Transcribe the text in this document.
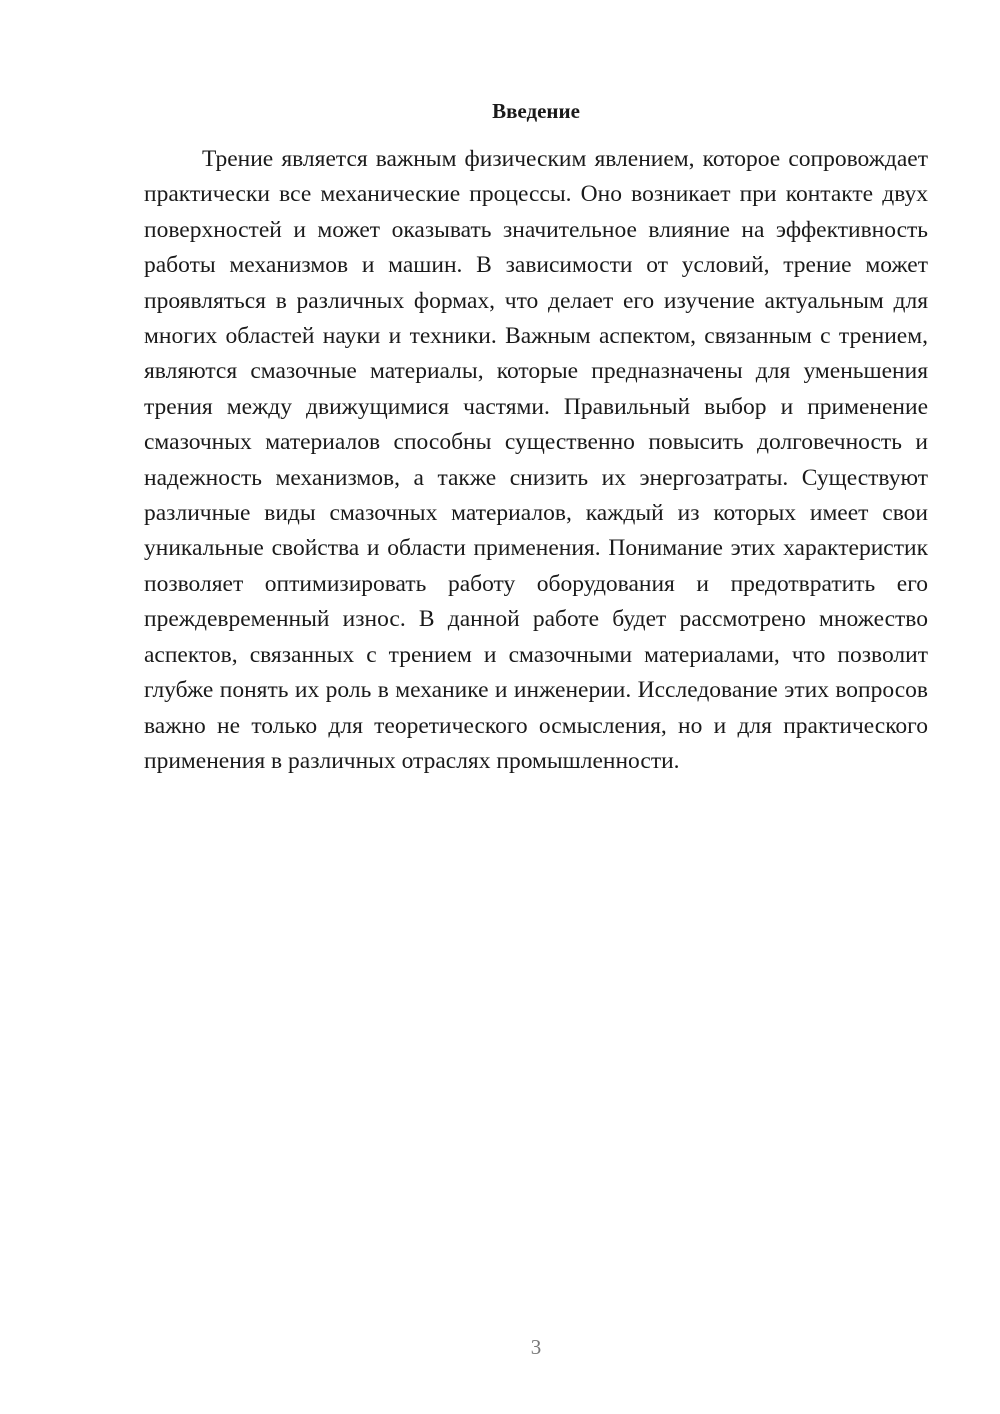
Введение

Трение является важным физическим явлением, которое сопровождает практически все механические процессы. Оно возникает при контакте двух поверхностей и может оказывать значительное влияние на эффективность работы механизмов и машин. В зависимости от условий, трение может проявляться в различных формах, что делает его изучение актуальным для многих областей науки и техники. Важным аспектом, связанным с трением, являются смазочные материалы, которые предназначены для уменьшения трения между движущимися частями. Правильный выбор и применение смазочных материалов способны существенно повысить долговечность и надежность механизмов, а также снизить их энергозатраты. Существуют различные виды смазочных материалов, каждый из которых имеет свои уникальные свойства и области применения. Понимание этих характеристик позволяет оптимизировать работу оборудования и предотвратить его преждевременный износ. В данной работе будет рассмотрено множество аспектов, связанных с трением и смазочными материалами, что позволит глубже понять их роль в механике и инженерии. Исследование этих вопросов важно не только для теоретического осмысления, но и для практического применения в различных отраслях промышленности.

3
